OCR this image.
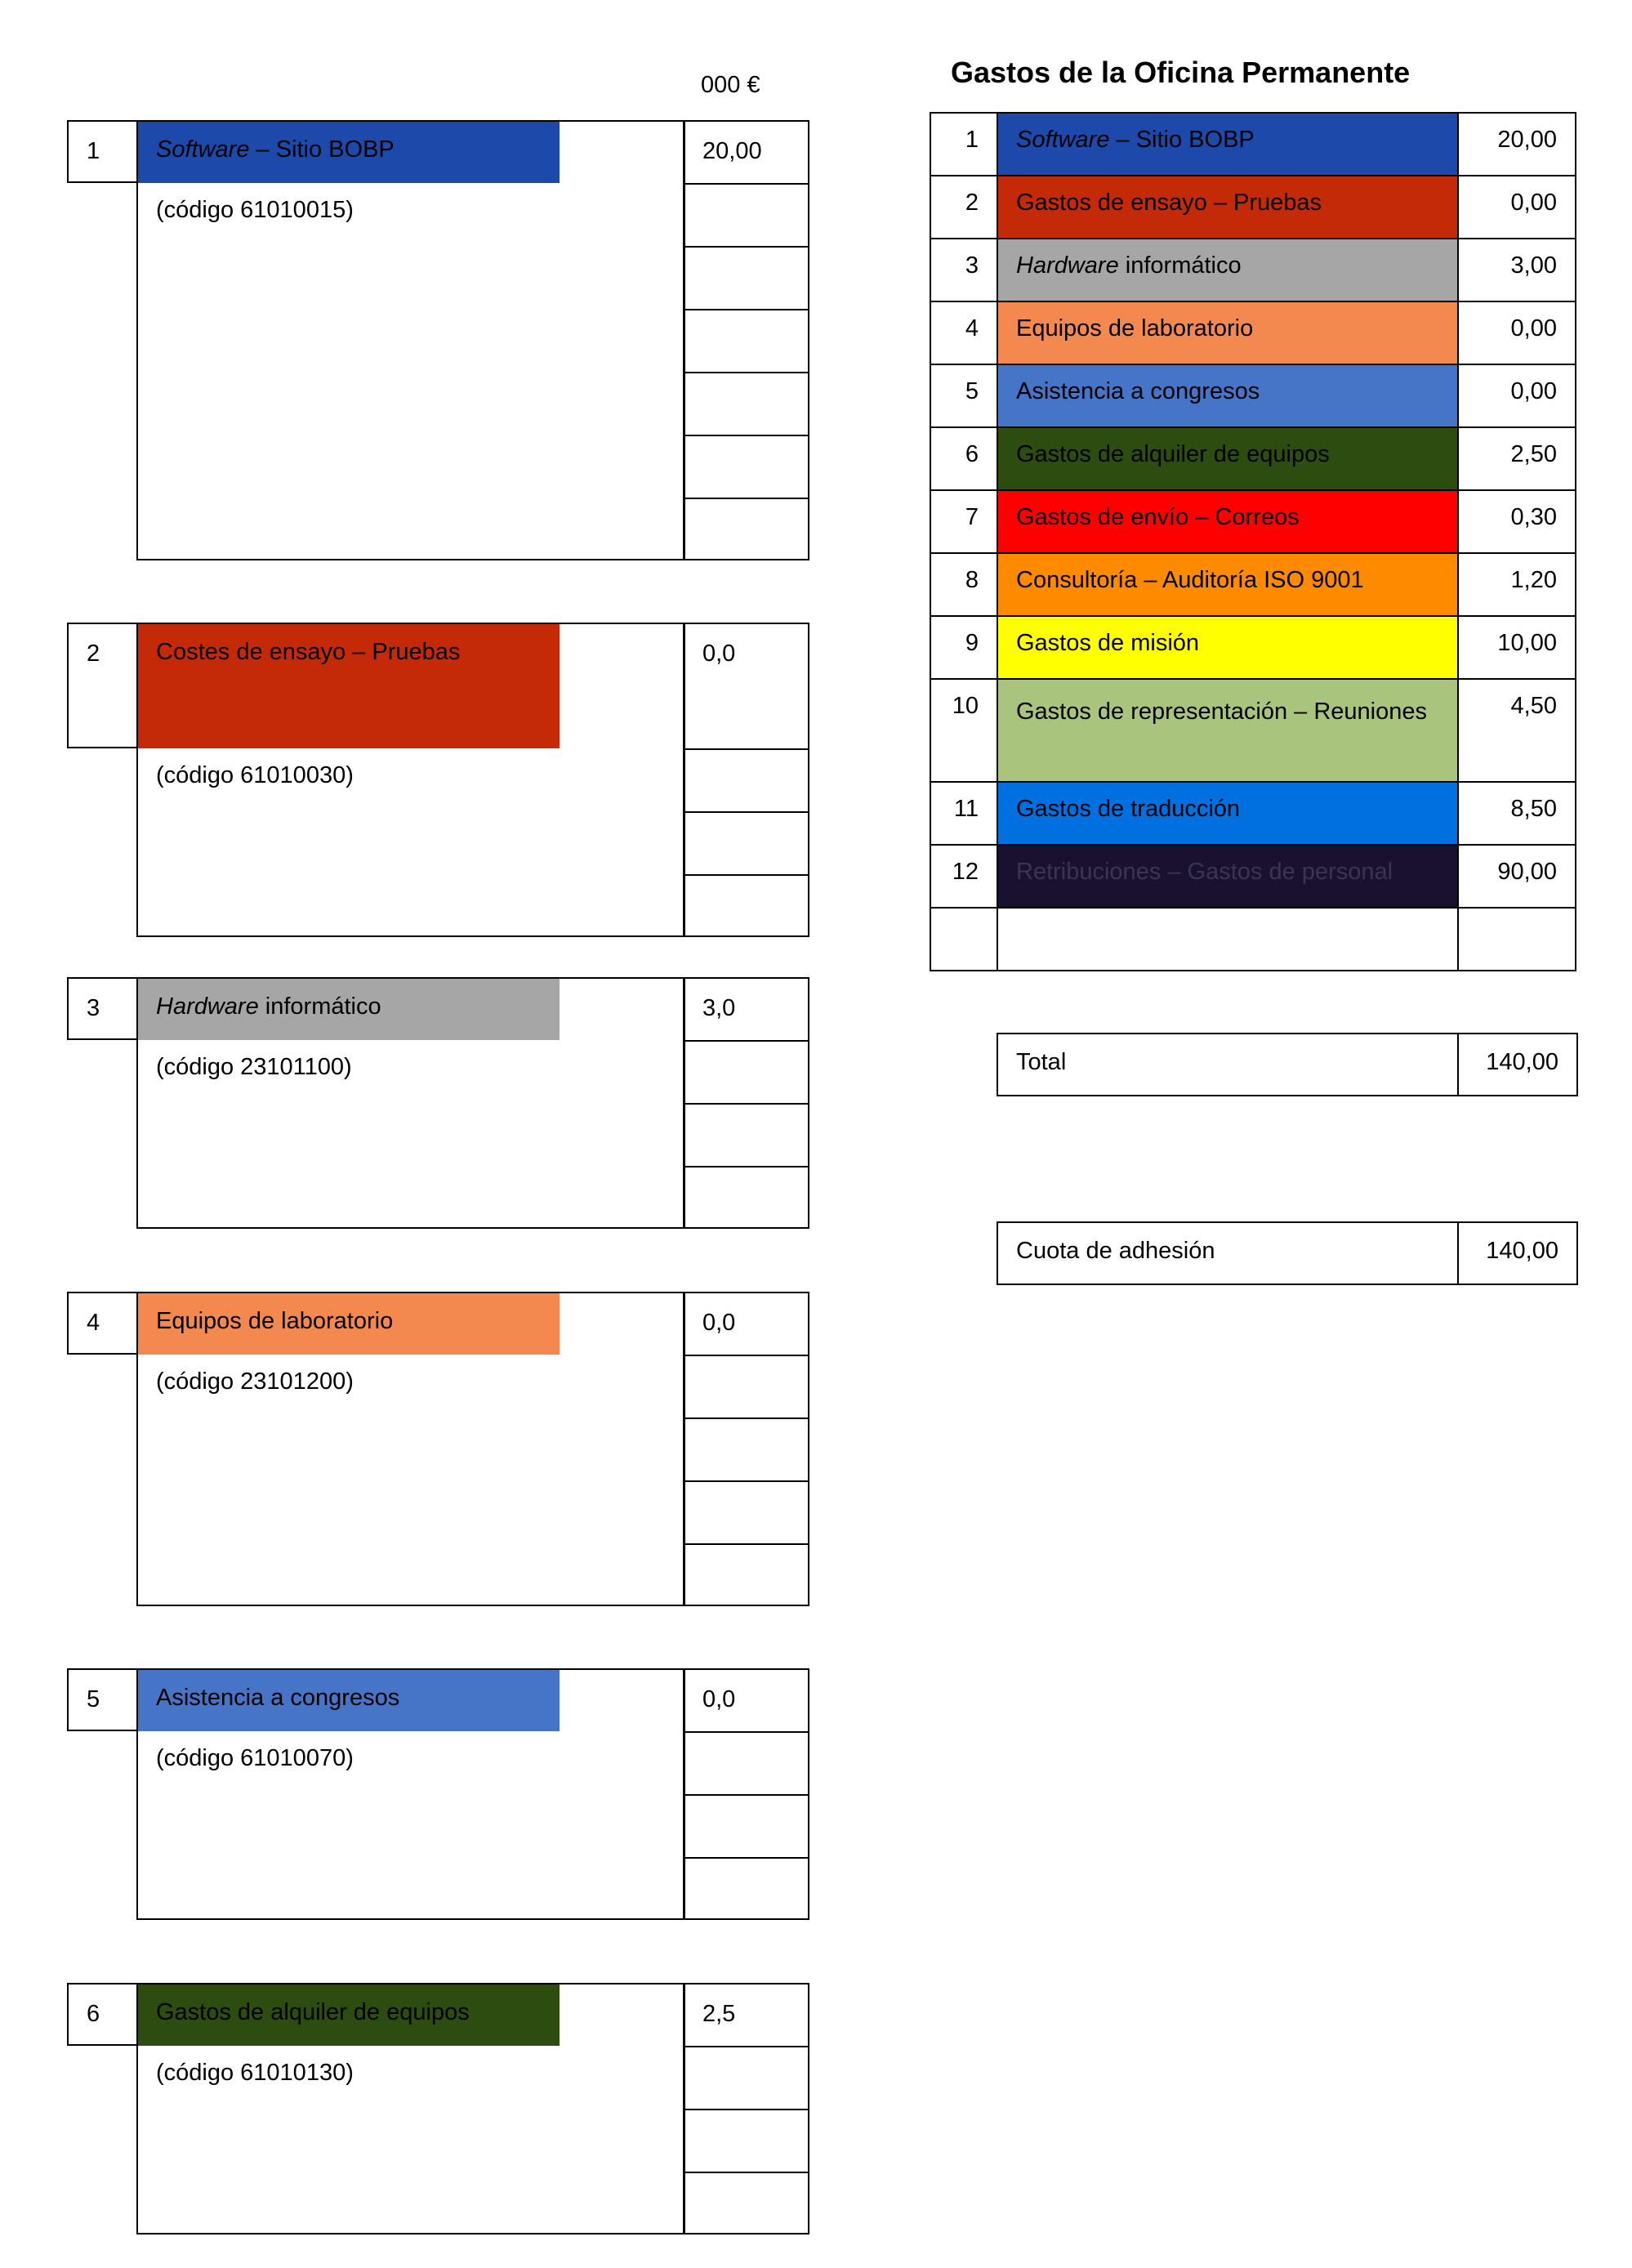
000 €
1	Software – Sitio BOBP
(código 61010015)
20,00
2	Costes de ensayo – Pruebas
(código 61010030)
0,0
3	Hardware informático
(código 23101100)
3,0
4	Equipos de laboratorio
(código 23101200)
0,0
5	Asistencia a congresos
(código 61010070)
0,0
6	Gastos de alquiler de equipos
(código 61010130)
2,5
Gastos de la Oficina Permanente
1	Software – Sitio BOBP	20,00
2	Gastos de ensayo – Pruebas	0,00
3	Hardware informático	3,00
4	Equipos de laboratorio	0,00
5	Asistencia a congresos	0,00
6	Gastos de alquiler de equipos	2,50
7	Gastos de envío – Correos	0,30
8	Consultoría – Auditoría ISO 9001	1,20
9	Gastos de misión	10,00
10	Gastos de representación – Reuniones	4,50
11	Gastos de traducción	8,50
12	Retribuciones – Gastos de personal	90,00

Total	140,00
Cuota de adhesión	140,00
